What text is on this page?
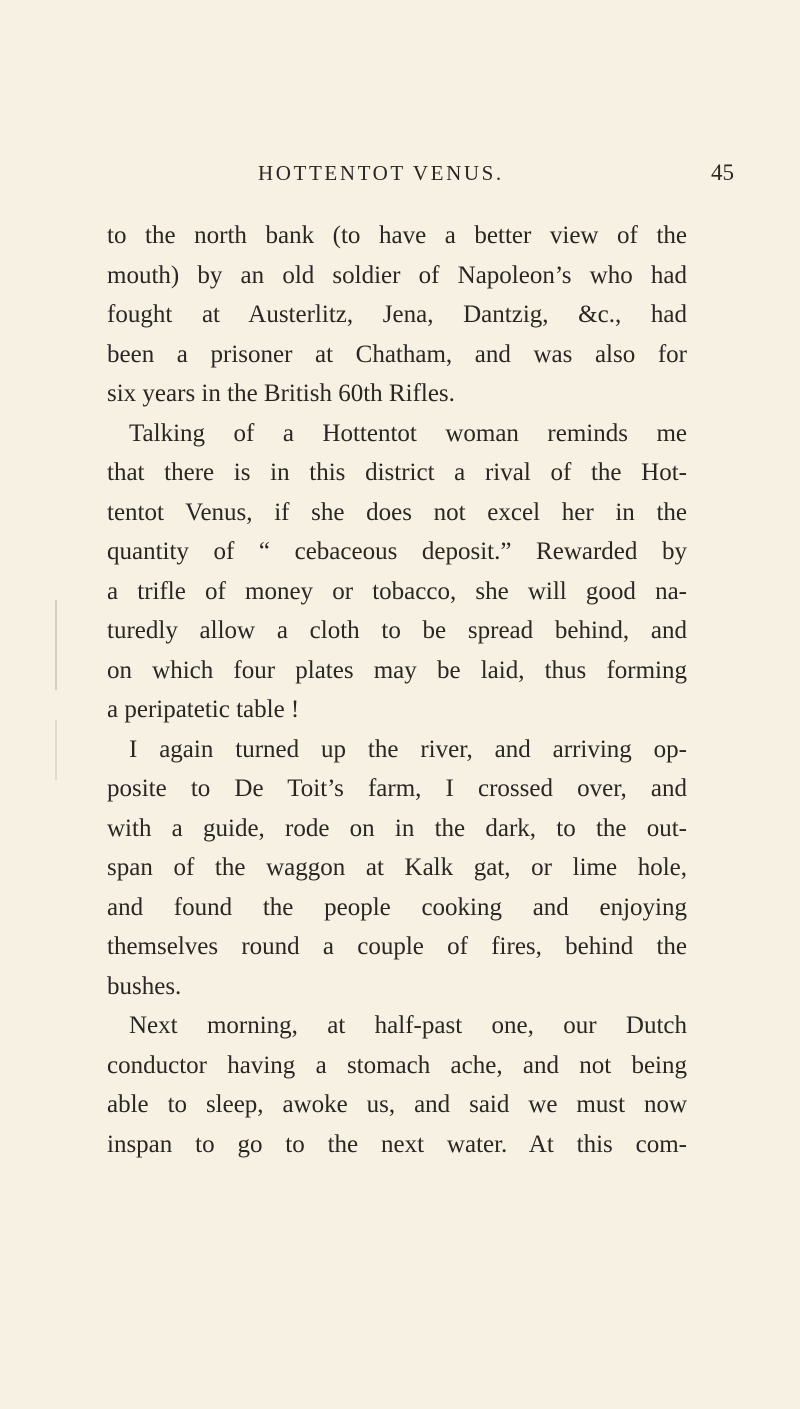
HOTTENTOT VENUS.	45
to the north bank (to have a better view of the
mouth) by an old soldier of Napoleon’s who had
fought at Austerlitz, Jena, Dantzig, &c., had
been a prisoner at Chatham, and was also for
six years in the British 60th Rifles.
Talking of a Hottentot woman reminds me
that there is in this district a rival of the Hot-
tentot Venus, if she does not excel her in the
quantity of “ cebaceous deposit.” Rewarded by
a trifle of money or tobacco, she will good na-
turedly allow a cloth to be spread behind, and
on which four plates may be laid, thus forming
a peripatetic table !
I again turned up the river, and arriving op-
posite to De Toit’s farm, I crossed over, and
with a guide, rode on in the dark, to the out-
span of the waggon at Kalk gat, or lime hole,
and found the people cooking and enjoying
themselves round a couple of fires, behind the
bushes.
Next morning, at half-past one, our Dutch
conductor having a stomach ache, and not being
able to sleep, awoke us, and said we must now
inspan to go to the next water. At this com-
